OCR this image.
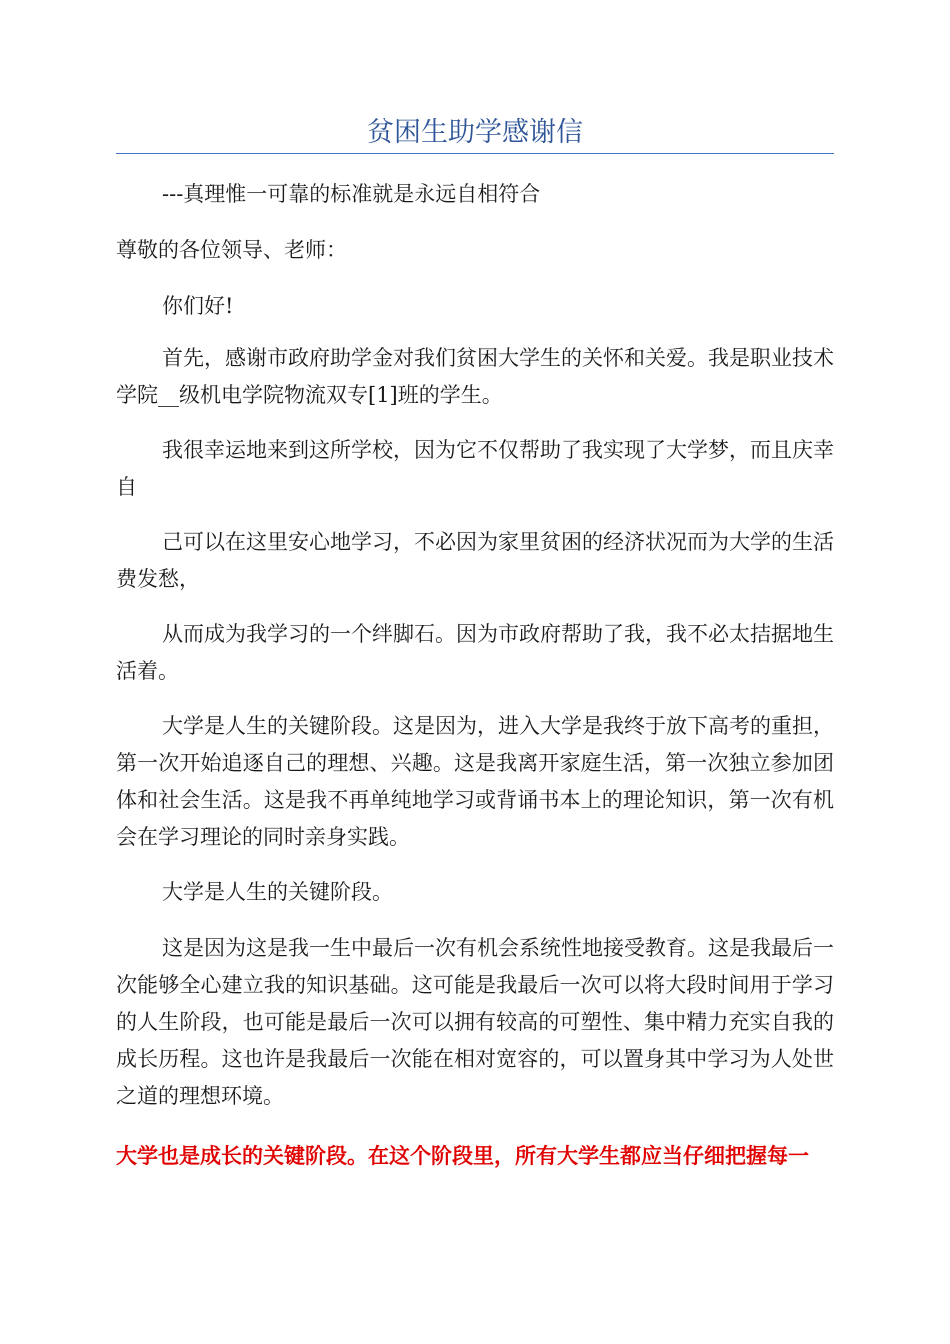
贫困生助学感谢信

---真理惟一可靠的标准就是永远自相符合

尊敬的各位领导、老师：

你们好!

首先，感谢市政府助学金对我们贫困大学生的关怀和关爱。我是职业技术学院__级机电学院物流双专[1]班的学生。

我很幸运地来到这所学校，因为它不仅帮助了我实现了大学梦，而且庆幸自

己可以在这里安心地学习，不必因为家里贫困的经济状况而为大学的生活费发愁，

从而成为我学习的一个绊脚石。因为市政府帮助了我，我不必太拮据地生活着。

大学是人生的关键阶段。这是因为，进入大学是我终于放下高考的重担，第一次开始追逐自己的理想、兴趣。这是我离开家庭生活，第一次独立参加团体和社会生活。这是我不再单纯地学习或背诵书本上的理论知识，第一次有机会在学习理论的同时亲身实践。

大学是人生的关键阶段。

这是因为这是我一生中最后一次有机会系统性地接受教育。这是我最后一次能够全心建立我的知识基础。这可能是我最后一次可以将大段时间用于学习的人生阶段，也可能是最后一次可以拥有较高的可塑性、集中精力充实自我的成长历程。这也许是我最后一次能在相对宽容的，可以置身其中学习为人处世之道的理想环境。

大学也是成长的关键阶段。在这个阶段里，所有大学生都应当仔细把握每一
